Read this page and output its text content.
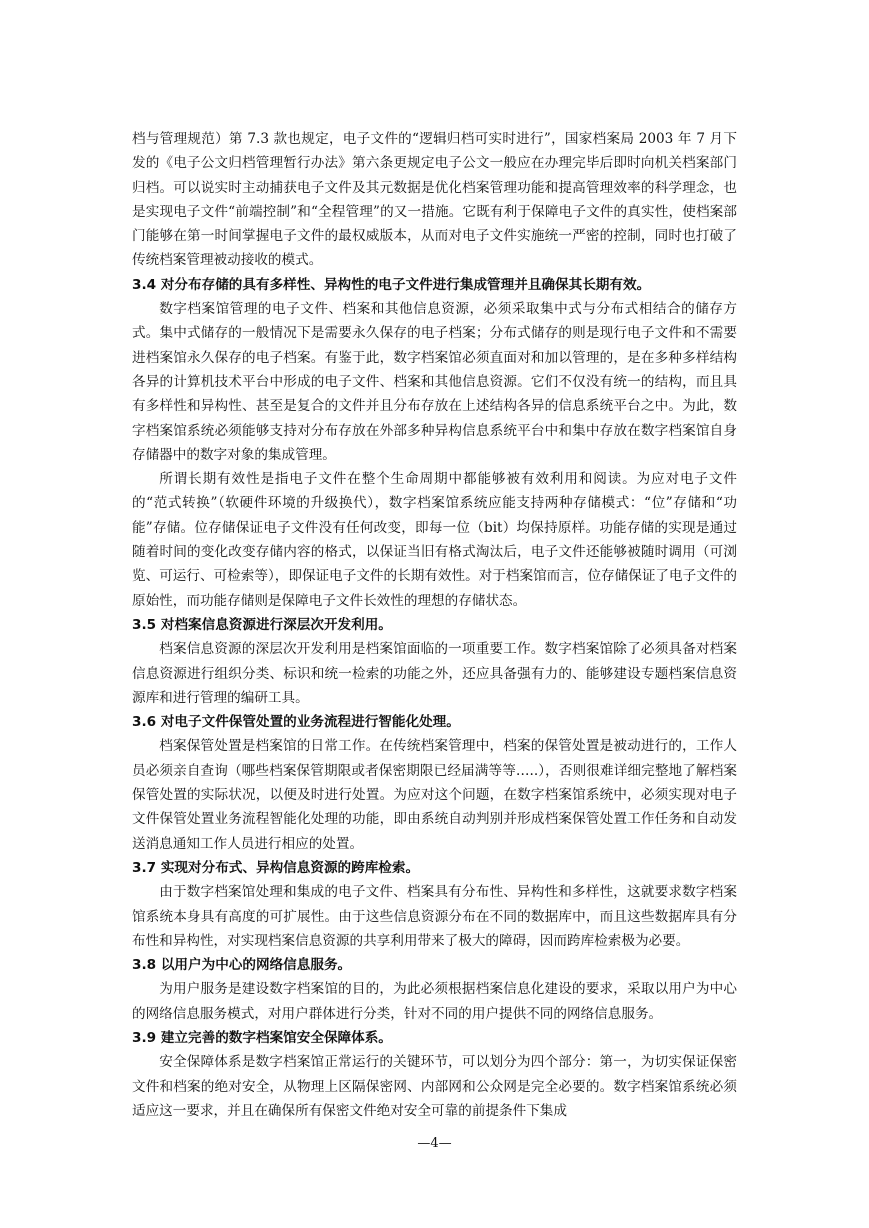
档与管理规范）第 7.3 款也规定，电子文件的“逻辑归档可实时进行”，国家档案局 2003 年 7 月下发的《电子公文归档管理暂行办法》第六条更规定电子公文一般应在办理完毕后即时向机关档案部门归档。可以说实时主动捕获电子文件及其元数据是优化档案管理功能和提高管理效率的科学理念，也是实现电子文件“前端控制”和“全程管理”的又一措施。它既有利于保障电子文件的真实性，使档案部门能够在第一时间掌握电子文件的最权威版本，从而对电子文件实施统一严密的控制，同时也打破了传统档案管理被动接收的模式。

3.4 对分布存储的具有多样性、异构性的电子文件进行集成管理并且确保其长期有效。

数字档案馆管理的电子文件、档案和其他信息资源，必须采取集中式与分布式相结合的储存方式。集中式储存的一般情况下是需要永久保存的电子档案；分布式储存的则是现行电子文件和不需要进档案馆永久保存的电子档案。有鉴于此，数字档案馆必须直面对和加以管理的，是在多种多样结构各异的计算机技术平台中形成的电子文件、档案和其他信息资源。它们不仅没有统一的结构，而且具有多样性和异构性、甚至是复合的文件并且分布存放在上述结构各异的信息系统平台之中。为此，数字档案馆系统必须能够支持对分布存放在外部多种异构信息系统平台中和集中存放在数字档案馆自身存储器中的数字对象的集成管理。

所谓长期有效性是指电子文件在整个生命周期中都能够被有效利用和阅读。为应对电子文件的“范式转换”（软硬件环境的升级换代），数字档案馆系统应能支持两种存储模式：“位”存储和“功能”存储。位存储保证电子文件没有任何改变，即每一位（bit）均保持原样。功能存储的实现是通过随着时间的变化改变存储内容的格式，以保证当旧有格式淘汰后，电子文件还能够被随时调用（可浏览、可运行、可检索等），即保证电子文件的长期有效性。对于档案馆而言，位存储保证了电子文件的原始性，而功能存储则是保障电子文件长效性的理想的存储状态。

3.5 对档案信息资源进行深层次开发利用。

档案信息资源的深层次开发利用是档案馆面临的一项重要工作。数字档案馆除了必须具备对档案信息资源进行组织分类、标识和统一检索的功能之外，还应具备强有力的、能够建设专题档案信息资源库和进行管理的编研工具。

3.6 对电子文件保管处置的业务流程进行智能化处理。

档案保管处置是档案馆的日常工作。在传统档案管理中，档案的保管处置是被动进行的，工作人员必须亲自查询（哪些档案保管期限或者保密期限已经届满等等…..），否则很难详细完整地了解档案保管处置的实际状况，以便及时进行处置。为应对这个问题，在数字档案馆系统中，必须实现对电子文件保管处置业务流程智能化处理的功能，即由系统自动判别并形成档案保管处置工作任务和自动发送消息通知工作人员进行相应的处置。

3.7 实现对分布式、异构信息资源的跨库检索。

由于数字档案馆处理和集成的电子文件、档案具有分布性、异构性和多样性，这就要求数字档案馆系统本身具有高度的可扩展性。由于这些信息资源分布在不同的数据库中，而且这些数据库具有分布性和异构性，对实现档案信息资源的共享利用带来了极大的障碍，因而跨库检索极为必要。

3.8 以用户为中心的网络信息服务。

为用户服务是建设数字档案馆的目的，为此必须根据档案信息化建设的要求，采取以用户为中心的网络信息服务模式，对用户群体进行分类，针对不同的用户提供不同的网络信息服务。

3.9 建立完善的数字档案馆安全保障体系。

安全保障体系是数字档案馆正常运行的关键环节，可以划分为四个部分：第一，为切实保证保密文件和档案的绝对安全，从物理上区隔保密网、内部网和公众网是完全必要的。数字档案馆系统必须适应这一要求，并且在确保所有保密文件绝对安全可靠的前提条件下集成

—4—
